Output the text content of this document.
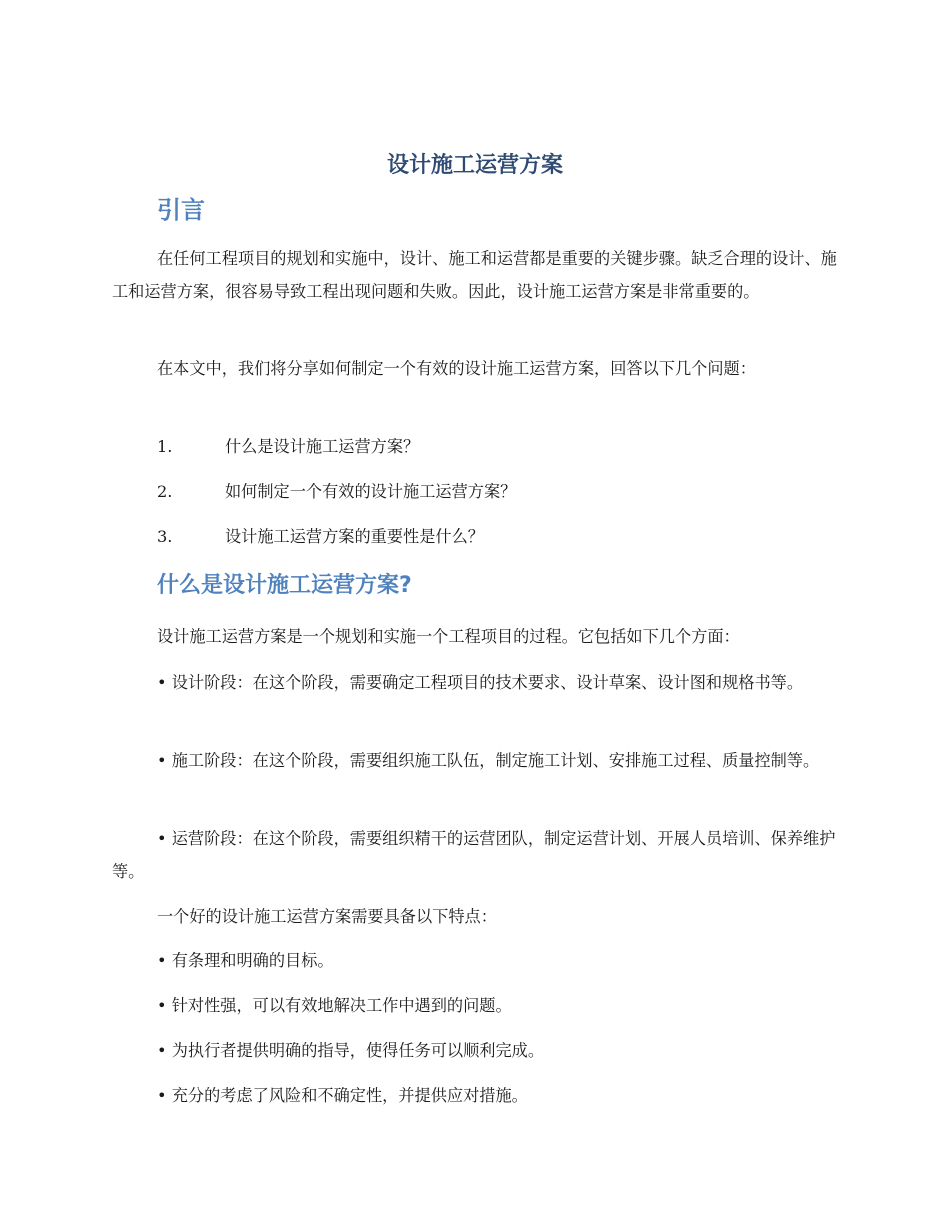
设计施工运营方案
引言

在任何工程项目的规划和实施中，设计、施工和运营都是重要的关键步骤。缺乏合理的设计、施工和运营方案，很容易导致工程出现问题和失败。因此，设计施工运营方案是非常重要的。

在本文中，我们将分享如何制定一个有效的设计施工运营方案，回答以下几个问题：

1.	什么是设计施工运营方案？
2.	如何制定一个有效的设计施工运营方案？
3.	设计施工运营方案的重要性是什么？
什么是设计施工运营方案?

设计施工运营方案是一个规划和实施一个工程项目的过程。它包括如下几个方面：

• 设计阶段：在这个阶段，需要确定工程项目的技术要求、设计草案、设计图和规格书等。

• 施工阶段：在这个阶段，需要组织施工队伍，制定施工计划、安排施工过程、质量控制等。

• 运营阶段：在这个阶段，需要组织精干的运营团队，制定运营计划、开展人员培训、保养维护等。

一个好的设计施工运营方案需要具备以下特点：

• 有条理和明确的目标。

• 针对性强，可以有效地解决工作中遇到的问题。

• 为执行者提供明确的指导，使得任务可以顺利完成。

• 充分的考虑了风险和不确定性，并提供应对措施。
